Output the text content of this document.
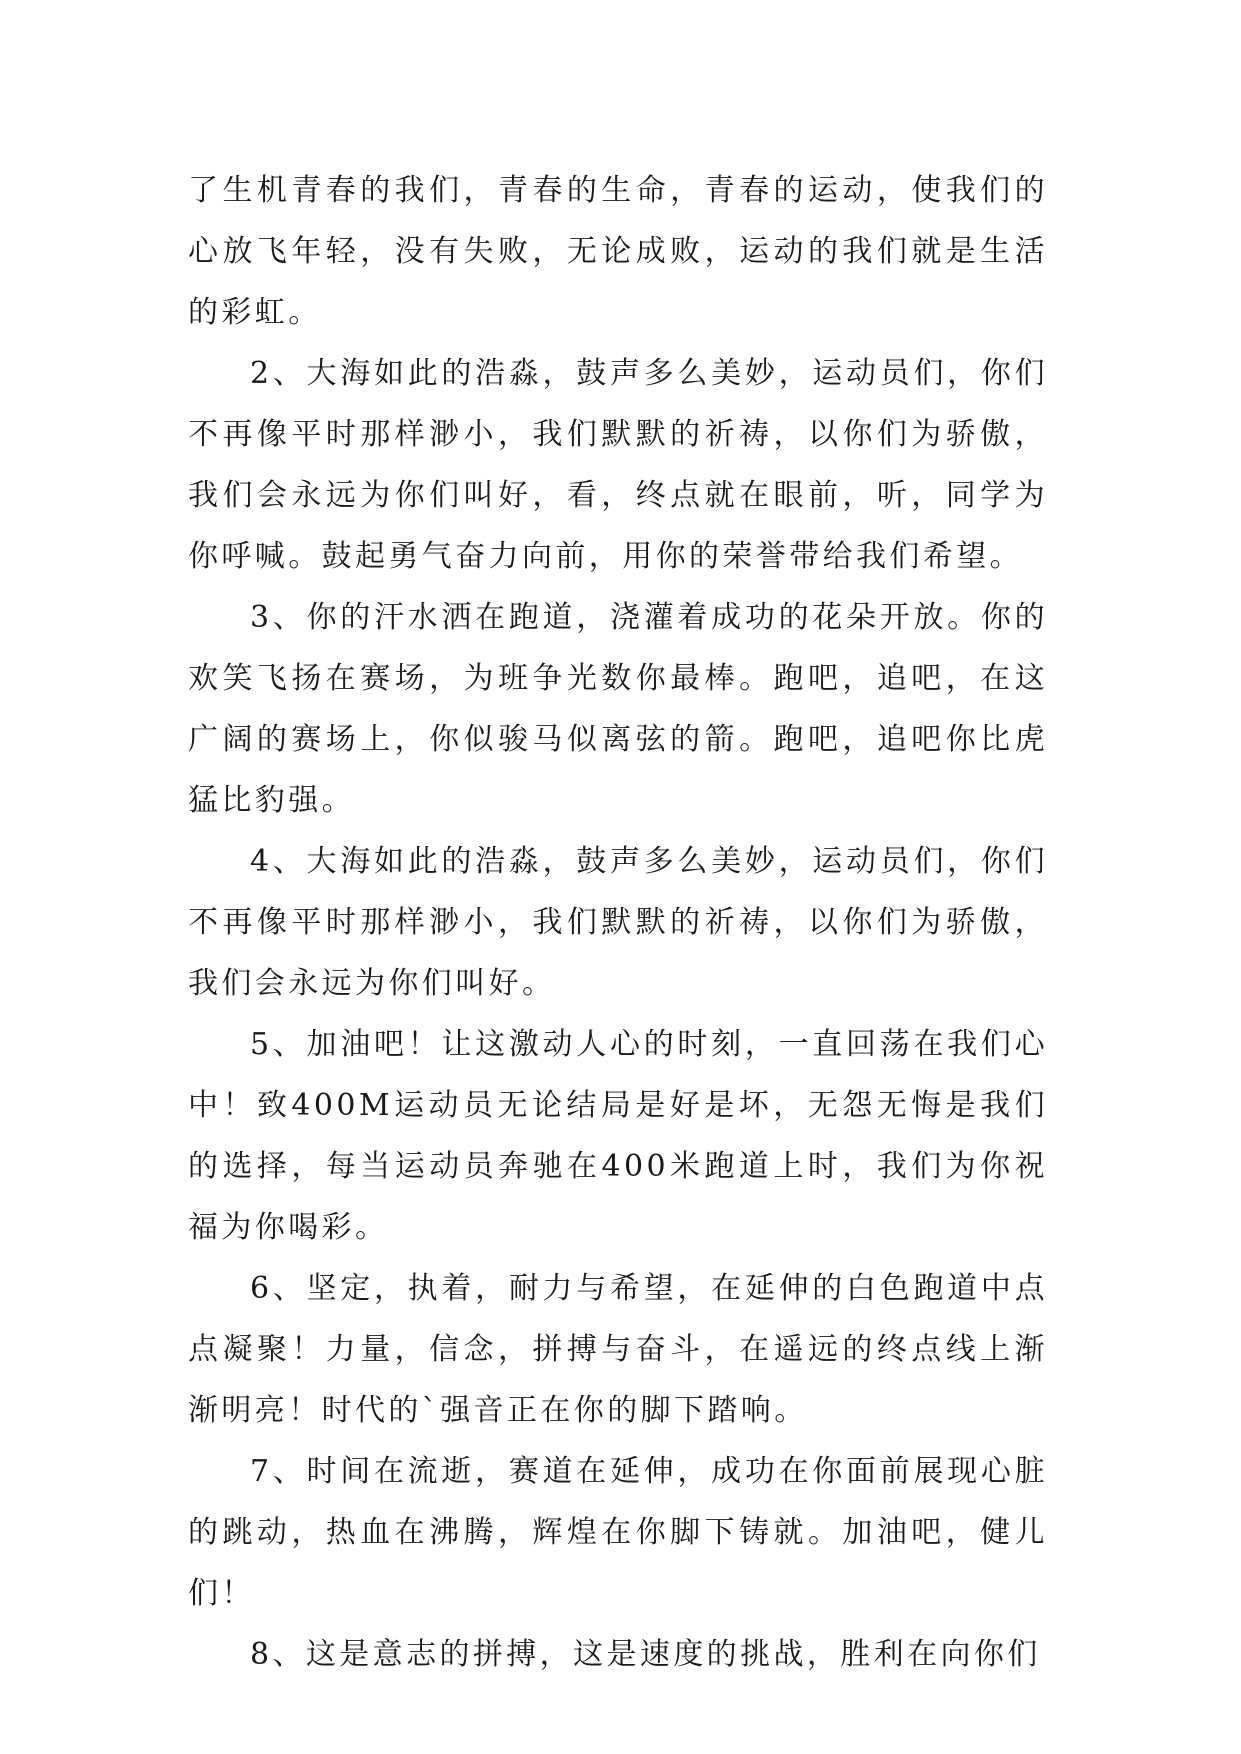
了生机青春的我们，青春的生命，青春的运动，使我们的心放飞年轻，没有失败，无论成败，运动的我们就是生活的彩虹。

2、大海如此的浩淼，鼓声多么美妙，运动员们，你们不再像平时那样渺小，我们默默的祈祷，以你们为骄傲，我们会永远为你们叫好，看，终点就在眼前，听，同学为你呼喊。鼓起勇气奋力向前，用你的荣誉带给我们希望。

3、你的汗水洒在跑道，浇灌着成功的花朵开放。你的欢笑飞扬在赛场，为班争光数你最棒。跑吧，追吧，在这广阔的赛场上，你似骏马似离弦的箭。跑吧，追吧你比虎猛比豹强。

4、大海如此的浩淼，鼓声多么美妙，运动员们，你们不再像平时那样渺小，我们默默的祈祷，以你们为骄傲，我们会永远为你们叫好。

5、加油吧！让这激动人心的时刻，一直回荡在我们心中！致400M运动员无论结局是好是坏，无怨无悔是我们的选择，每当运动员奔驰在400米跑道上时，我们为你祝福为你喝彩。

6、坚定，执着，耐力与希望，在延伸的白色跑道中点点凝聚！力量，信念，拼搏与奋斗，在遥远的终点线上渐渐明亮！时代的`强音正在你的脚下踏响。

7、时间在流逝，赛道在延伸，成功在你面前展现心脏的跳动，热血在沸腾，辉煌在你脚下铸就。加油吧，健儿们！

8、这是意志的拼搏，这是速度的挑战，胜利在向你们
